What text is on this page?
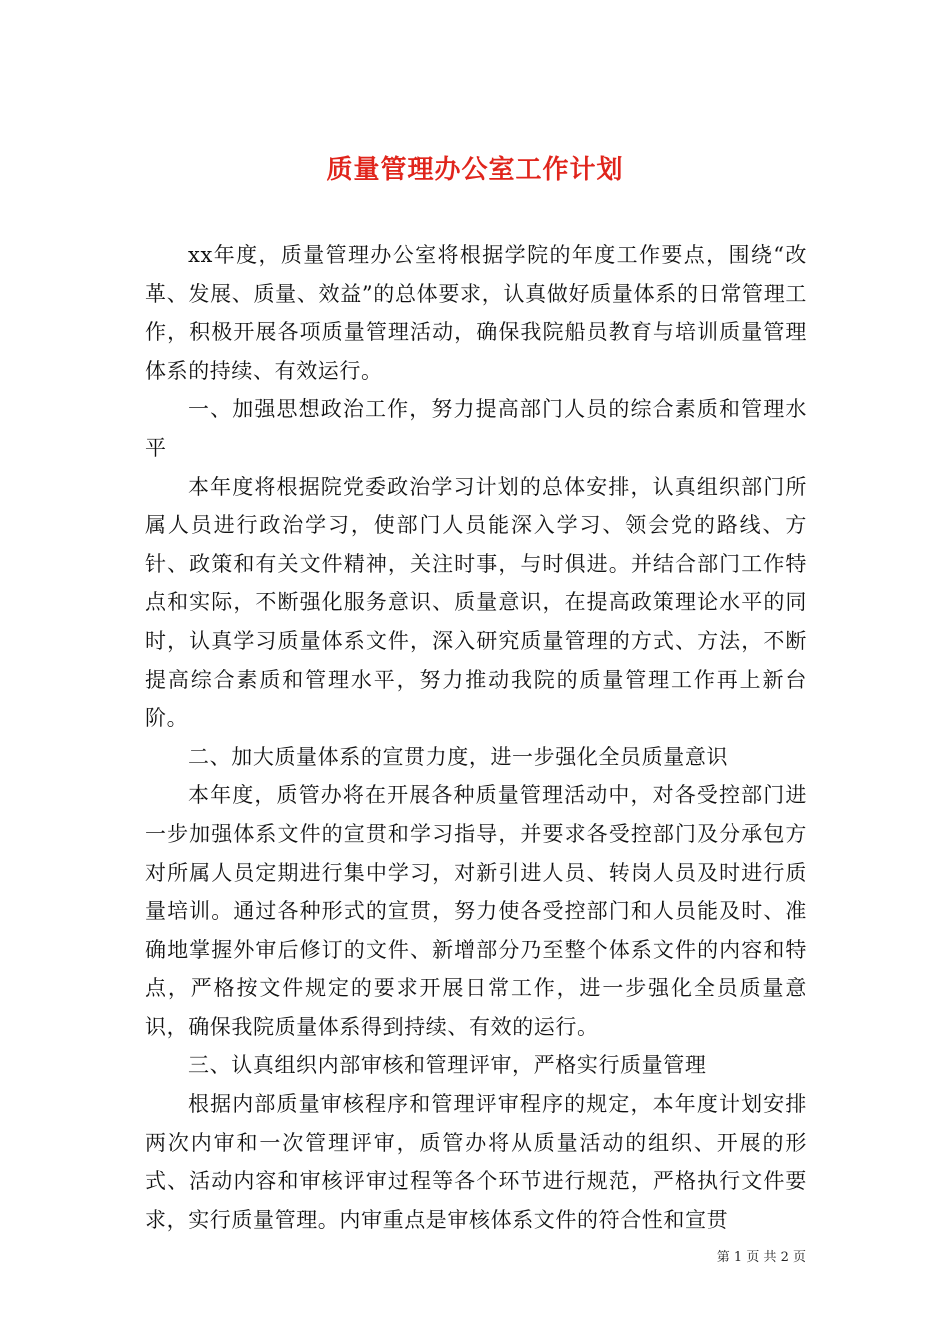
质量管理办公室工作计划

xx年度，质量管理办公室将根据学院的年度工作要点，围绕“改革、发展、质量、效益”的总体要求，认真做好质量体系的日常管理工作，积极开展各项质量管理活动，确保我院船员教育与培训质量管理体系的持续、有效运行。

一、加强思想政治工作，努力提高部门人员的综合素质和管理水平

本年度将根据院党委政治学习计划的总体安排，认真组织部门所属人员进行政治学习，使部门人员能深入学习、领会党的路线、方针、政策和有关文件精神，关注时事，与时俱进。并结合部门工作特点和实际，不断强化服务意识、质量意识，在提高政策理论水平的同时，认真学习质量体系文件，深入研究质量管理的方式、方法，不断提高综合素质和管理水平，努力推动我院的质量管理工作再上新台阶。

二、加大质量体系的宣贯力度，进一步强化全员质量意识

本年度，质管办将在开展各种质量管理活动中，对各受控部门进一步加强体系文件的宣贯和学习指导，并要求各受控部门及分承包方对所属人员定期进行集中学习，对新引进人员、转岗人员及时进行质量培训。通过各种形式的宣贯，努力使各受控部门和人员能及时、准确地掌握外审后修订的文件、新增部分乃至整个体系文件的内容和特点，严格按文件规定的要求开展日常工作，进一步强化全员质量意识，确保我院质量体系得到持续、有效的运行。

三、认真组织内部审核和管理评审，严格实行质量管理

根据内部质量审核程序和管理评审程序的规定，本年度计划安排两次内审和一次管理评审，质管办将从质量活动的组织、开展的形式、活动内容和审核评审过程等各个环节进行规范，严格执行文件要求，实行质量管理。内审重点是审核体系文件的符合性和宣贯

第 1 页 共 2 页
